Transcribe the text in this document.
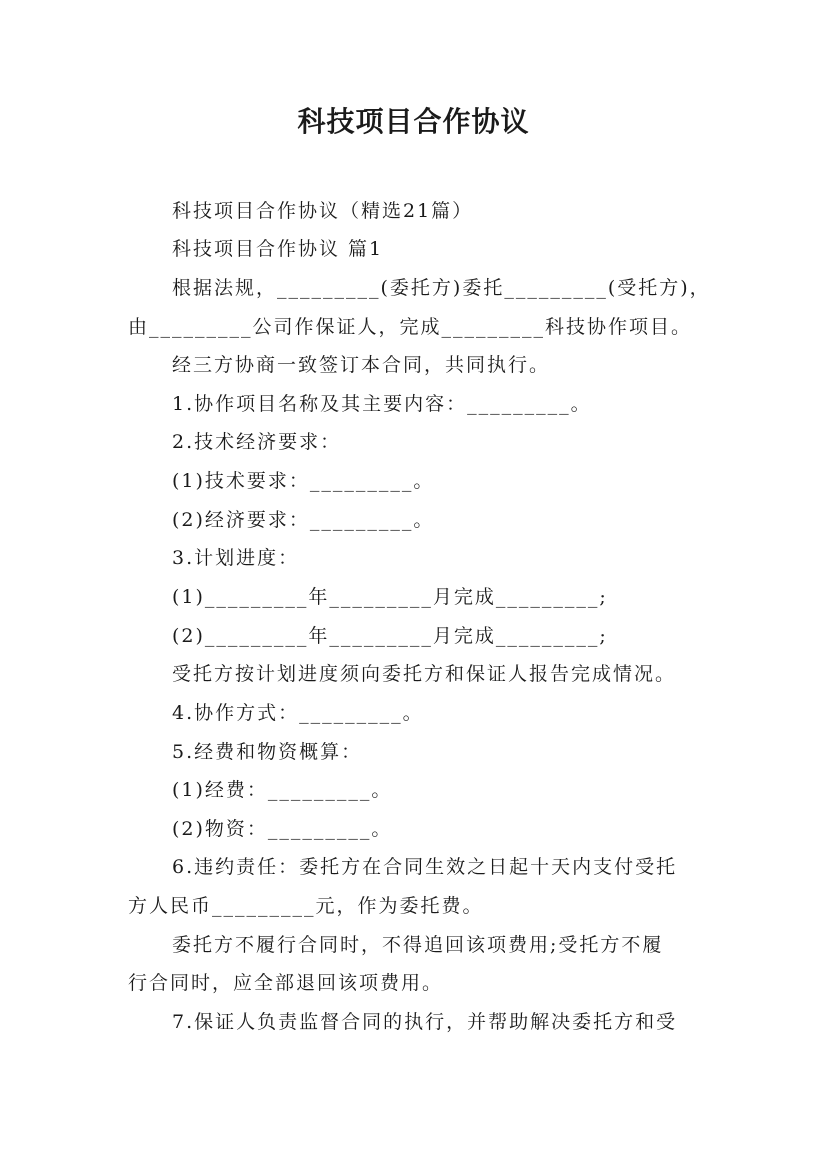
科技项目合作协议
科技项目合作协议（精选21篇）
科技项目合作协议 篇1
根据法规，_________(委托方)委托_________(受托方)，
由_________公司作保证人，完成_________科技协作项目。
经三方协商一致签订本合同，共同执行。
1.协作项目名称及其主要内容：_________。
2.技术经济要求：
(1)技术要求：_________。
(2)经济要求：_________。
3.计划进度：
(1)_________年_________月完成_________;
(2)_________年_________月完成_________;
受托方按计划进度须向委托方和保证人报告完成情况。
4.协作方式：_________。
5.经费和物资概算：
(1)经费：_________。
(2)物资：_________。
6.违约责任：委托方在合同生效之日起十天内支付受托
方人民币_________元，作为委托费。
委托方不履行合同时，不得追回该项费用;受托方不履
行合同时，应全部退回该项费用。
7.保证人负责监督合同的执行，并帮助解决委托方和受
